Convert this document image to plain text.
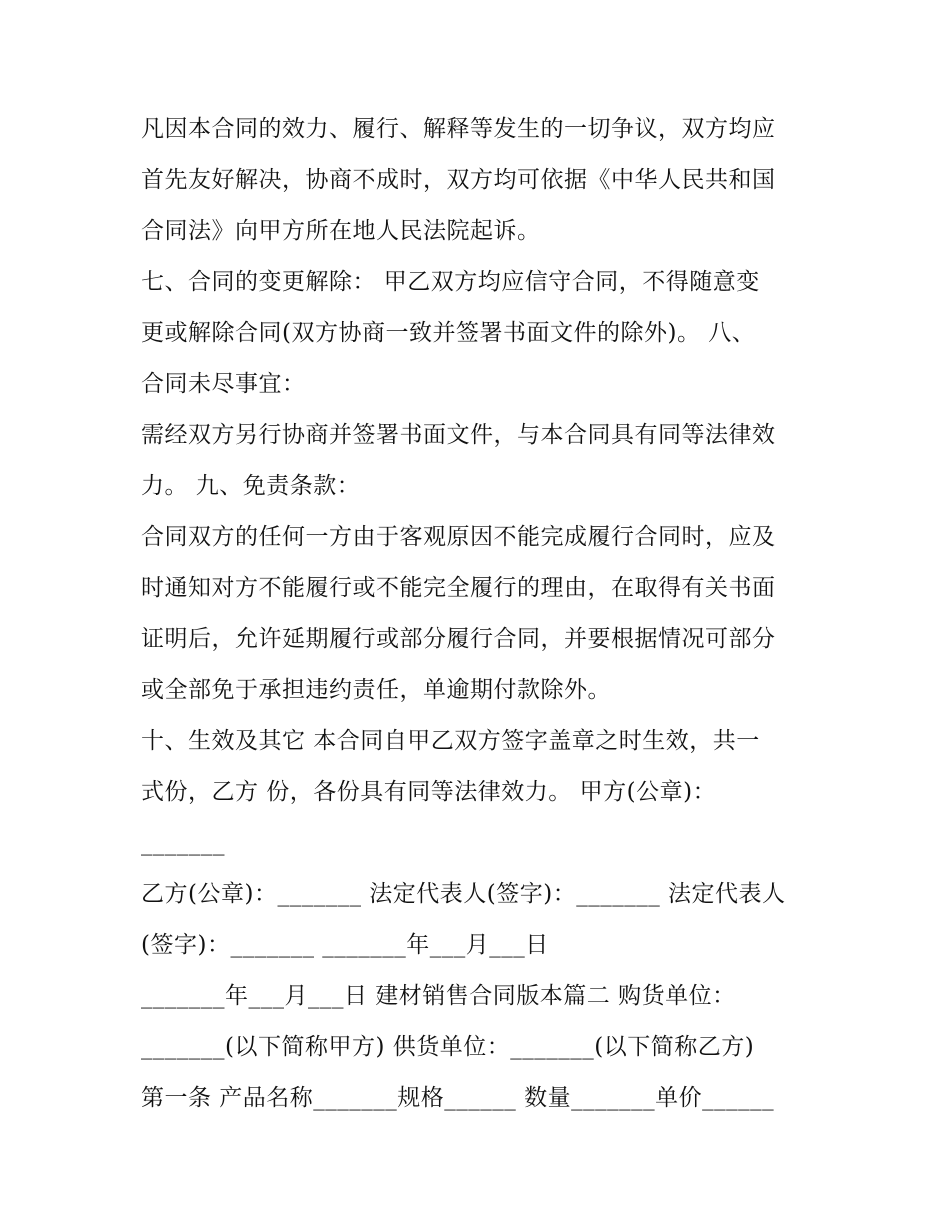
凡因本合同的效力、履行、解释等发生的一切争议，双方均应
首先友好解决，协商不成时，双方均可依据《中华人民共和国
合同法》向甲方所在地人民法院起诉。
七、合同的变更解除： 甲乙双方均应信守合同，不得随意变
更或解除合同(双方协商一致并签署书面文件的除外)。 八、
合同未尽事宜：
需经双方另行协商并签署书面文件，与本合同具有同等法律效
力。 九、免责条款：
合同双方的任何一方由于客观原因不能完成履行合同时，应及
时通知对方不能履行或不能完全履行的理由，在取得有关书面
证明后，允许延期履行或部分履行合同，并要根据情况可部分
或全部免于承担违约责任，单逾期付款除外。
十、生效及其它 本合同自甲乙双方签字盖章之时生效，共一
式份，乙方 份，各份具有同等法律效力。 甲方(公章)：
_______
乙方(公章)：_______ 法定代表人(签字)：_______ 法定代表人
(签字)：_______ _______年___月___日
_______年___月___日 建材销售合同版本篇二 购货单位：
_______(以下简称甲方) 供货单位：_______(以下简称乙方)
第一条 产品名称_______规格______ 数量_______单价______
